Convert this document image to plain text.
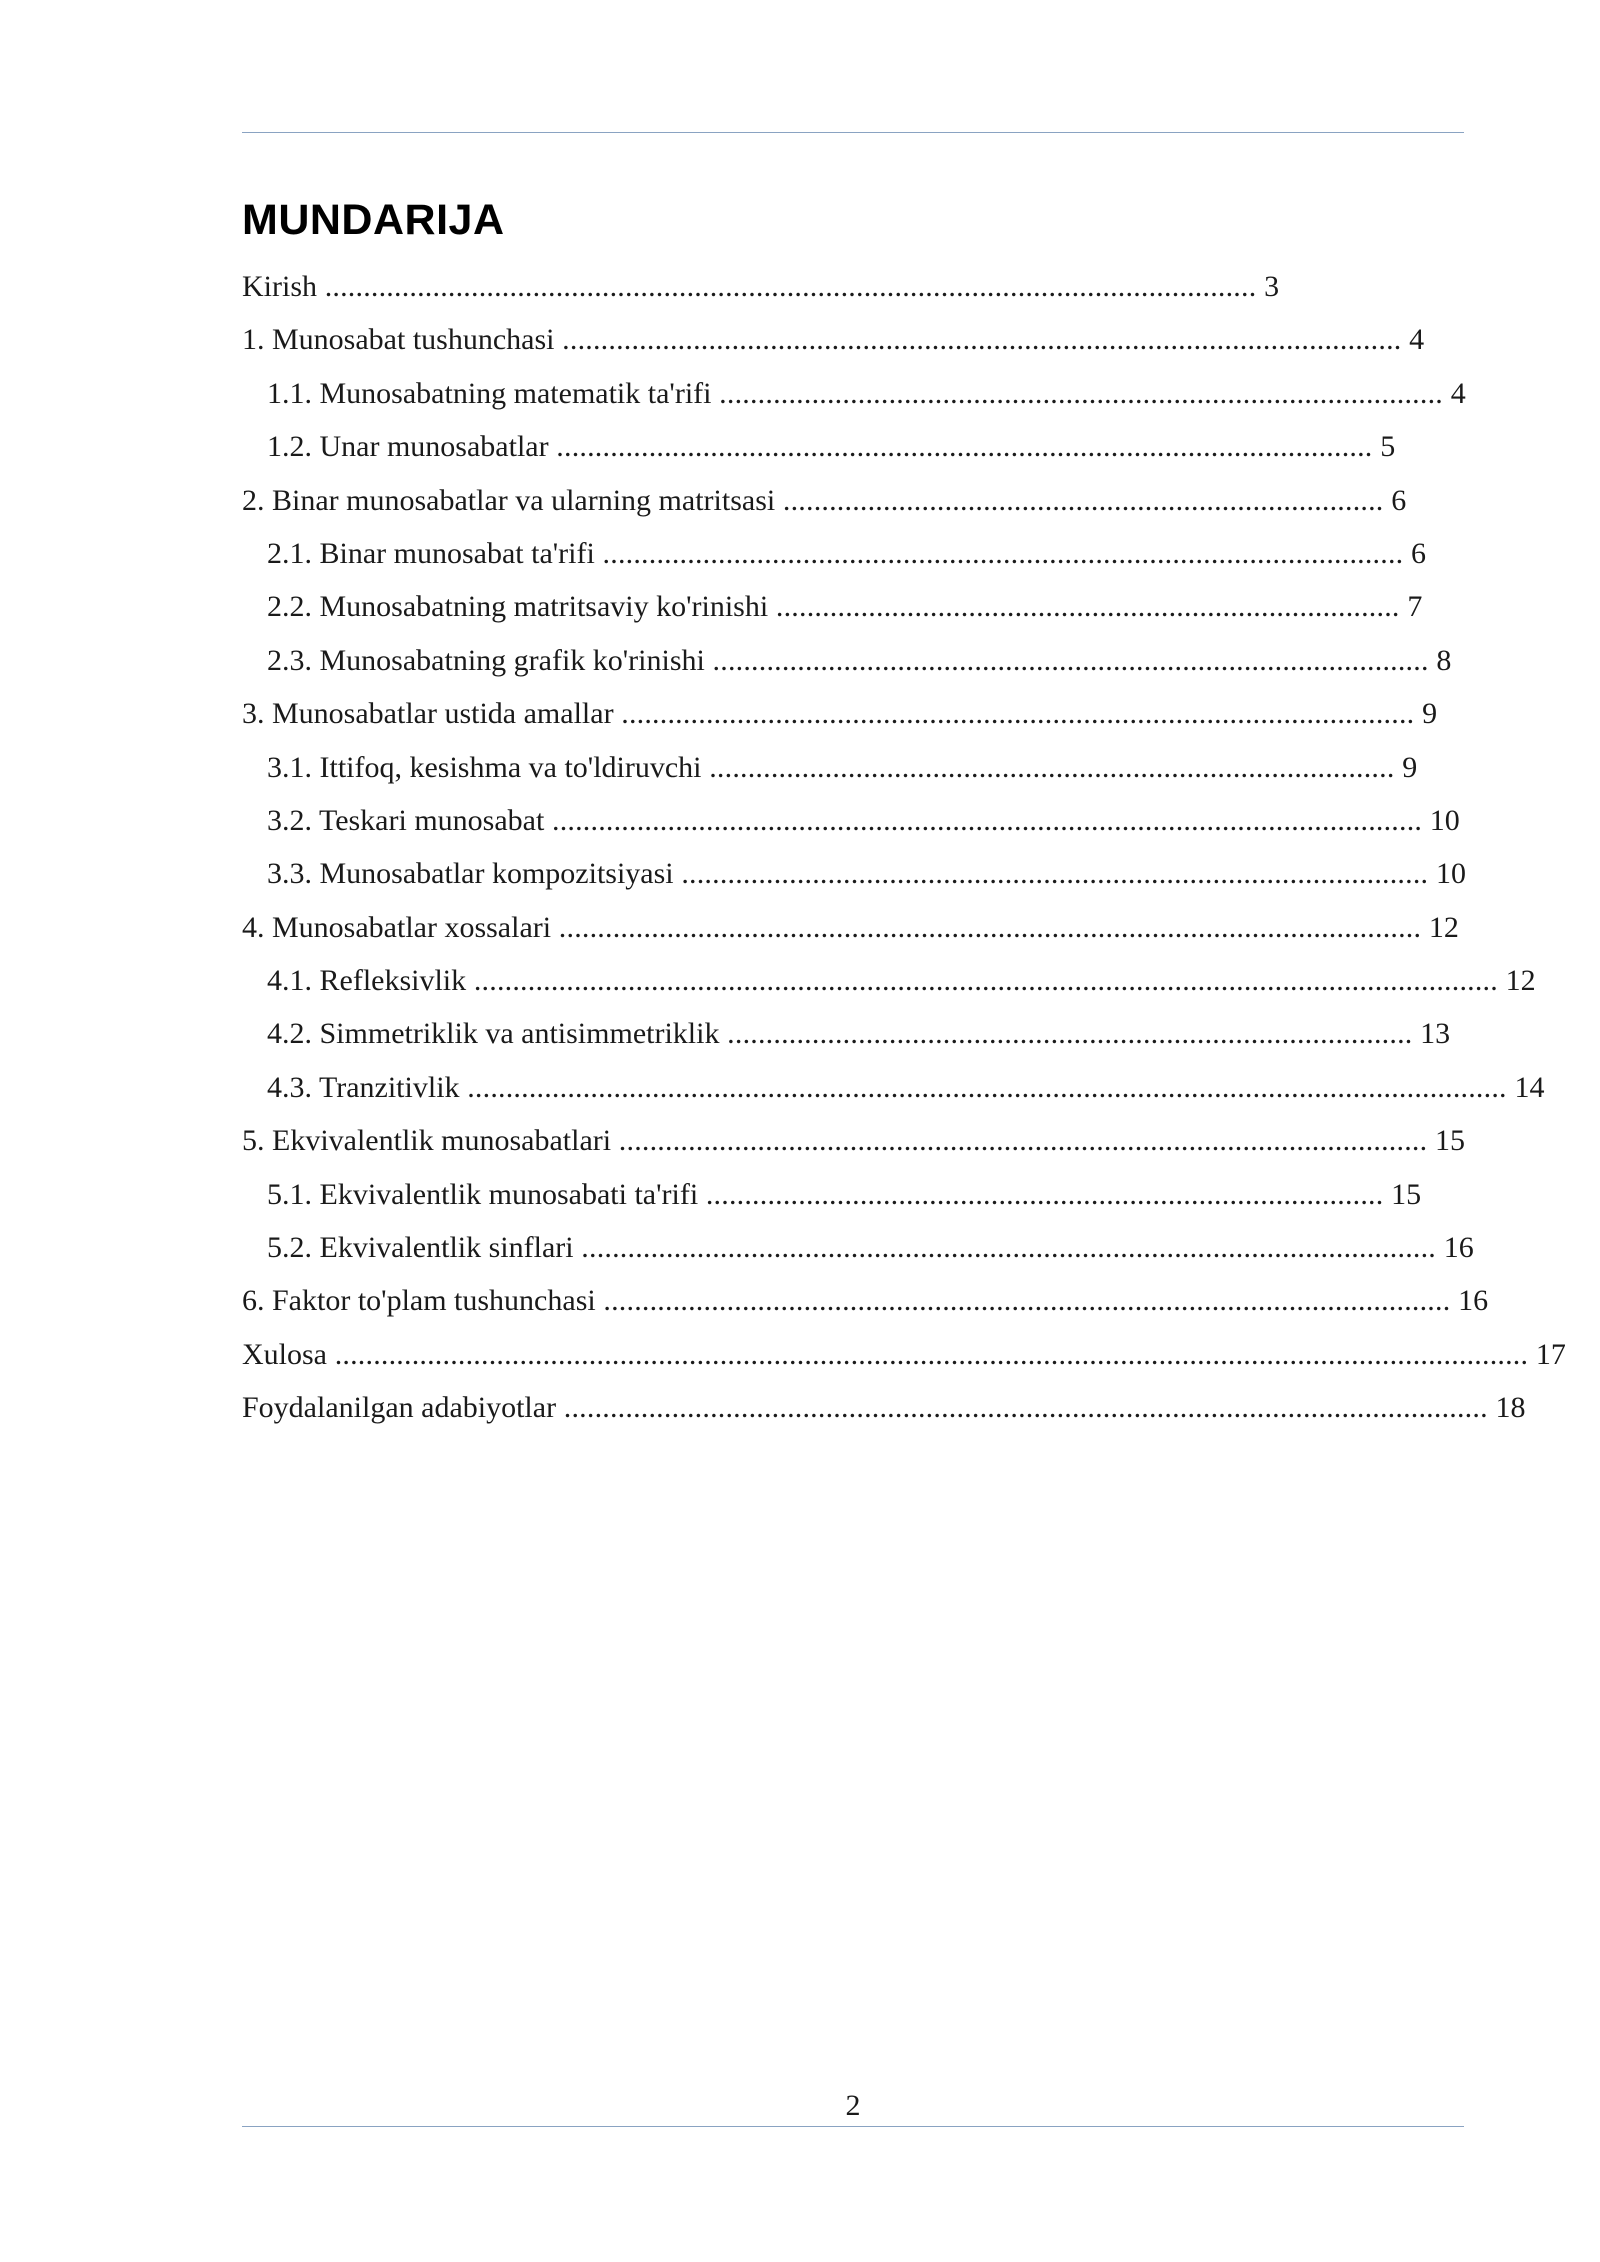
MUNDARIJA
Kirish ......................................................................................................................... 3
1. Munosabat tushunchasi ............................................................................................................. 4
1.1. Munosabatning matematik ta'rifi .............................................................................................. 4
1.2. Unar munosabatlar .......................................................................................................... 5
2. Binar munosabatlar va ularning matritsasi .............................................................................. 6
2.1. Binar munosabat ta'rifi ........................................................................................................ 6
2.2. Munosabatning matritsaviy ko'rinishi ................................................................................. 7
2.3. Munosabatning grafik ko'rinishi ............................................................................................. 8
3. Munosabatlar ustida amallar ....................................................................................................... 9
3.1. Ittifoq, kesishma va to'ldiruvchi ......................................................................................... 9
3.2. Teskari munosabat ................................................................................................................. 10
3.3. Munosabatlar kompozitsiyasi ................................................................................................. 10
4. Munosabatlar xossalari ................................................................................................................ 12
4.1. Refleksivlik ..................................................................................................................................... 12
4.2. Simmetriklik va antisimmetriklik ......................................................................................... 13
4.3. Tranzitivlik ....................................................................................................................................... 14
5. Ekvivalentlik munosabatlari ......................................................................................................... 15
5.1. Ekvivalentlik munosabati ta'rifi ........................................................................................ 15
5.2. Ekvivalentlik sinflari ............................................................................................................... 16
6. Faktor to'plam tushunchasi .............................................................................................................. 16
Xulosa ........................................................................................................................................................... 17
Foydalanilgan adabiyotlar ........................................................................................................................ 18
2
